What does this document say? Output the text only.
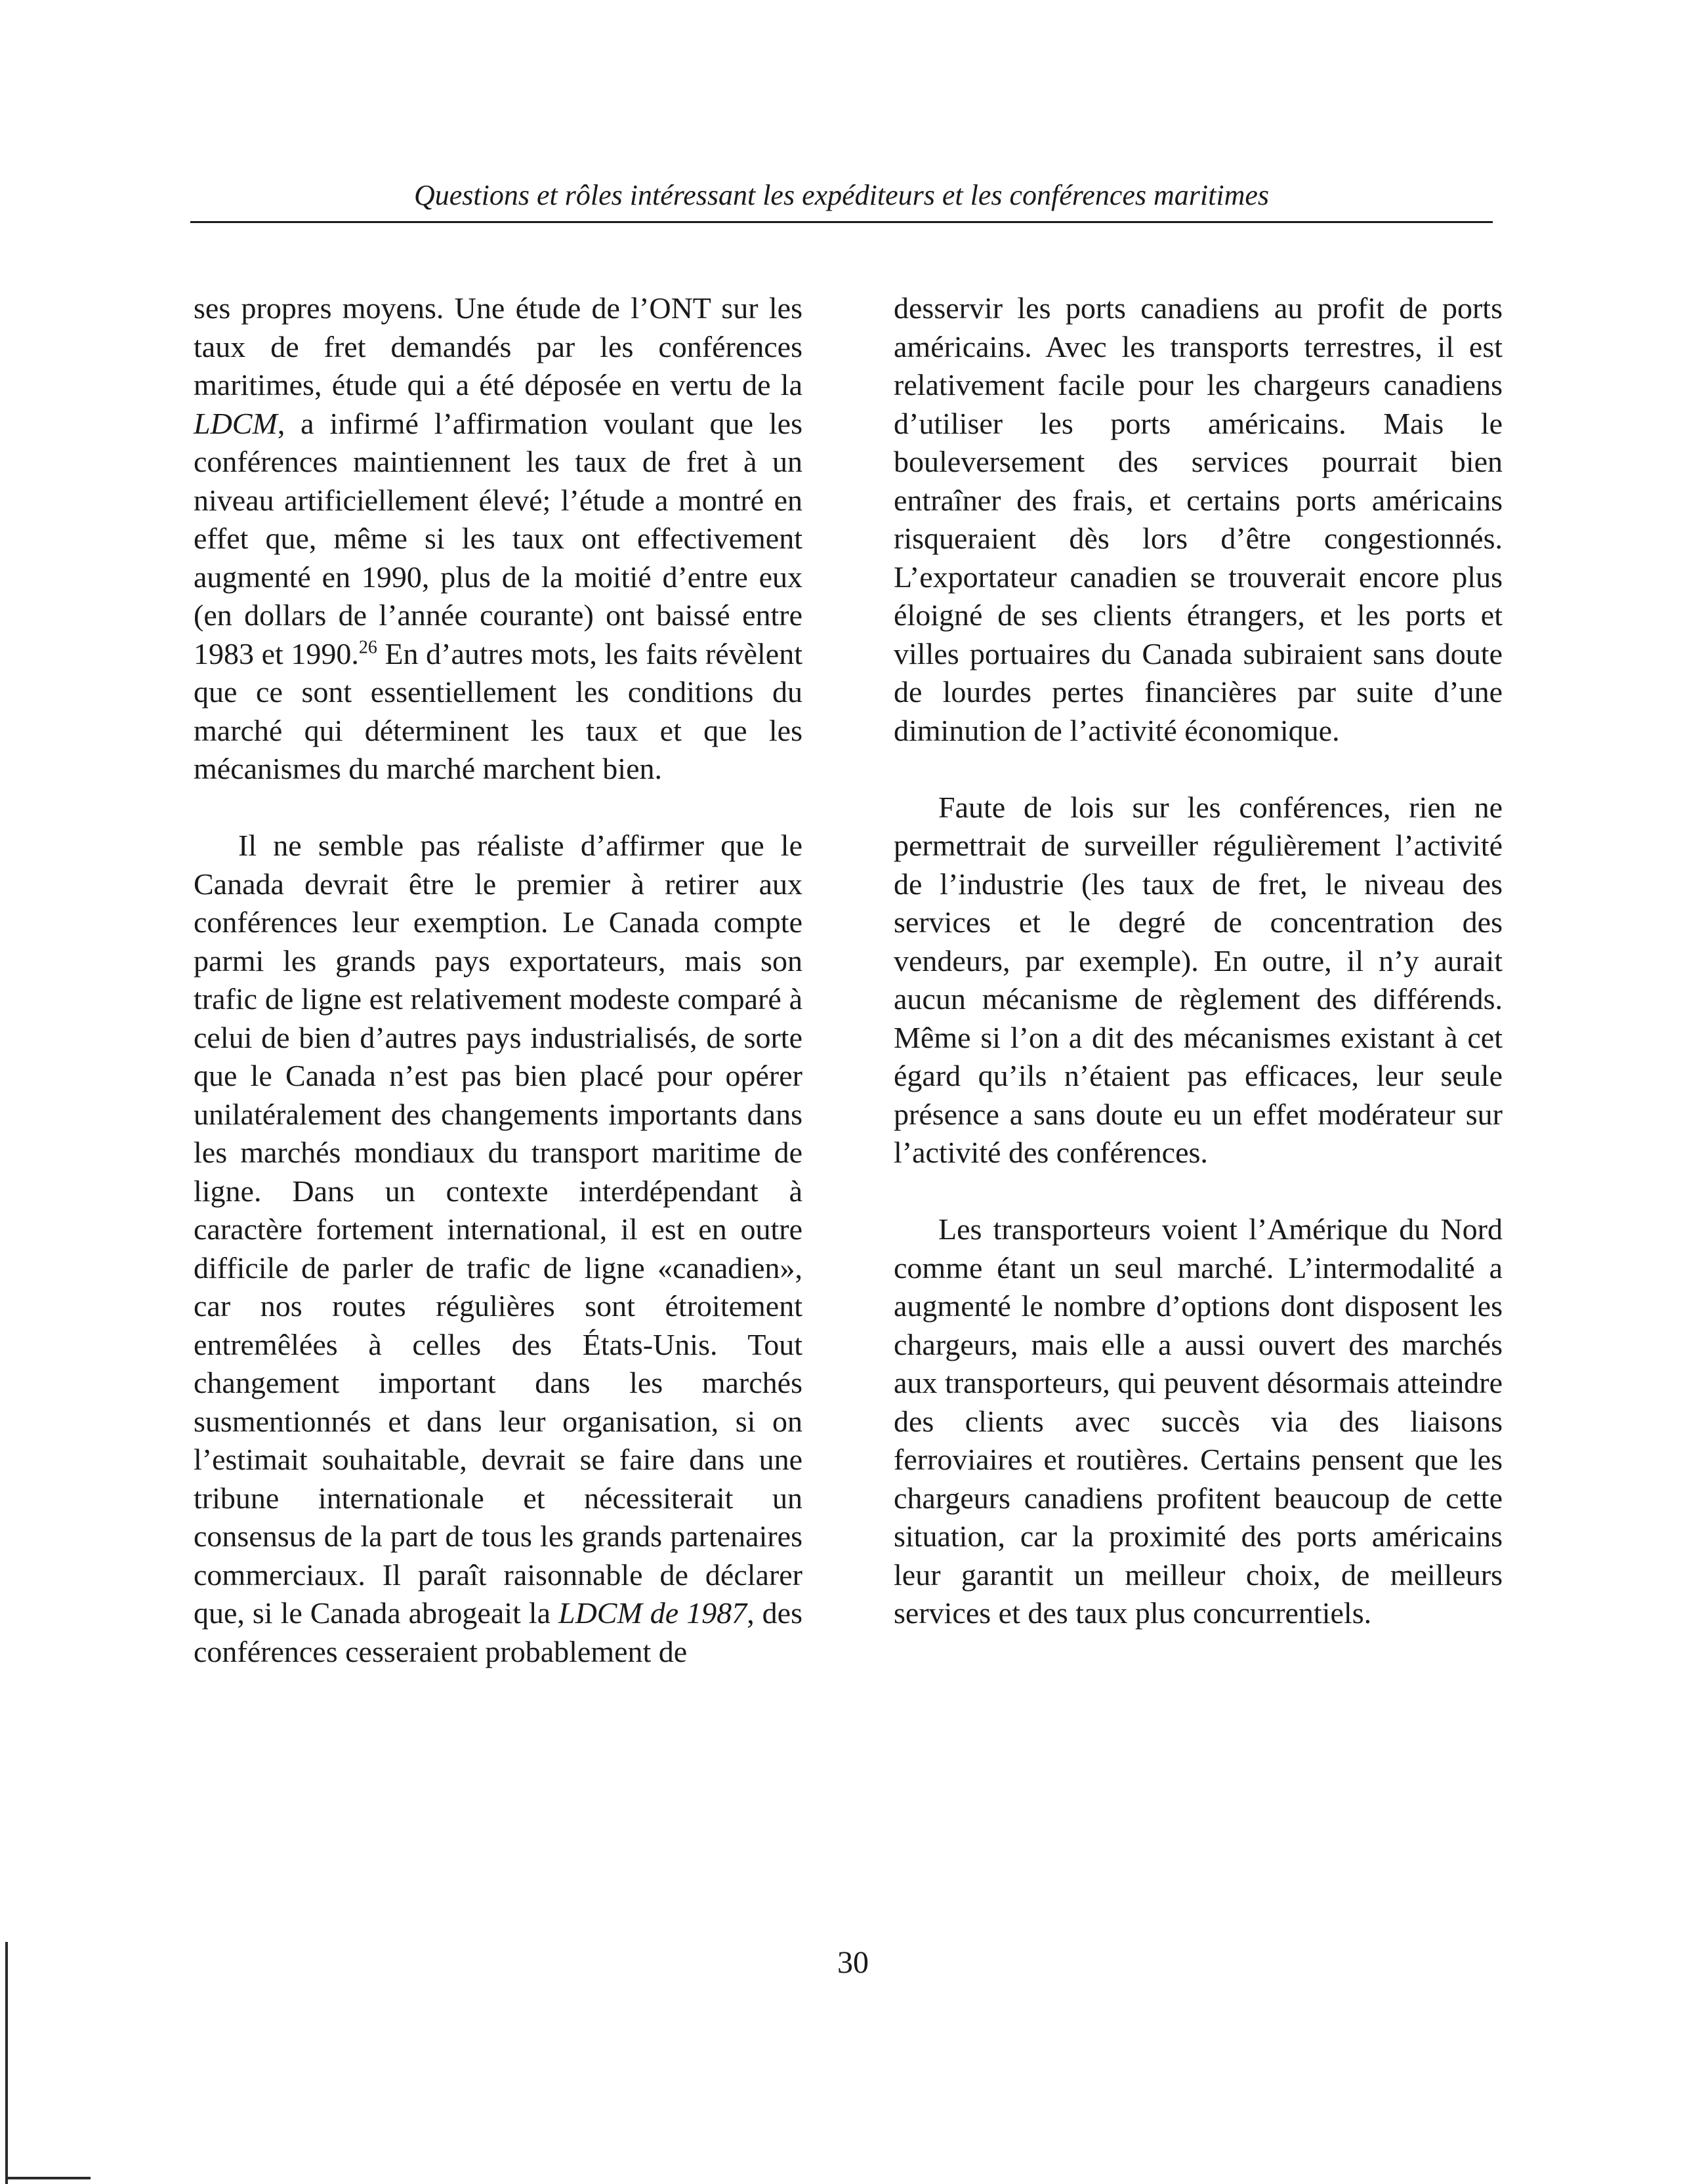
Questions et rôles intéressant les expéditeurs et les conférences maritimes
ses propres moyens. Une étude de l’ONT sur les taux de fret demandés par les conférences maritimes, étude qui a été déposée en vertu de la LDCM, a infirmé l’affirmation voulant que les conférences maintiennent les taux de fret à un niveau artificiellement élevé; l’étude a montré en effet que, même si les taux ont effectivement augmenté en 1990, plus de la moitié d’entre eux (en dollars de l’année courante) ont baissé entre 1983 et 1990.26 En d’autres mots, les faits révèlent que ce sont essentiellement les conditions du marché qui déterminent les taux et que les mécanismes du marché marchent bien.
Il ne semble pas réaliste d’affirmer que le Canada devrait être le premier à retirer aux conférences leur exemption. Le Canada compte parmi les grands pays exportateurs, mais son trafic de ligne est relativement modeste comparé à celui de bien d’autres pays industrialisés, de sorte que le Canada n’est pas bien placé pour opérer unilatéralement des changements importants dans les marchés mondiaux du transport maritime de ligne. Dans un contexte interdépendant à caractère fortement international, il est en outre difficile de parler de trafic de ligne «canadien», car nos routes régulières sont étroitement entremêlées à celles des États-Unis. Tout changement important dans les marchés susmentionnés et dans leur organisation, si on l’estimait souhaitable, devrait se faire dans une tribune internationale et nécessiterait un consensus de la part de tous les grands partenaires commerciaux. Il paraît raisonnable de déclarer que, si le Canada abrogeait la LDCM de 1987, des conférences cesseraient probablement de
desservir les ports canadiens au profit de ports américains. Avec les transports terrestres, il est relativement facile pour les chargeurs canadiens d’utiliser les ports américains. Mais le bouleversement des services pourrait bien entraîner des frais, et certains ports américains risqueraient dès lors d’être congestionnés. L’exportateur canadien se trouverait encore plus éloigné de ses clients étrangers, et les ports et villes portuaires du Canada subiraient sans doute de lourdes pertes financières par suite d’une diminution de l’activité économique.
Faute de lois sur les conférences, rien ne permettrait de surveiller régulièrement l’activité de l’industrie (les taux de fret, le niveau des services et le degré de concentration des vendeurs, par exemple). En outre, il n’y aurait aucun mécanisme de règlement des différends. Même si l’on a dit des mécanismes existant à cet égard qu’ils n’étaient pas efficaces, leur seule présence a sans doute eu un effet modérateur sur l’activité des conférences.
Les transporteurs voient l’Amérique du Nord comme étant un seul marché. L’intermodalité a augmenté le nombre d’options dont disposent les chargeurs, mais elle a aussi ouvert des marchés aux transporteurs, qui peuvent désormais atteindre des clients avec succès via des liaisons ferroviaires et routières. Certains pensent que les chargeurs canadiens profitent beaucoup de cette situation, car la proximité des ports américains leur garantit un meilleur choix, de meilleurs services et des taux plus concurrentiels.
30
